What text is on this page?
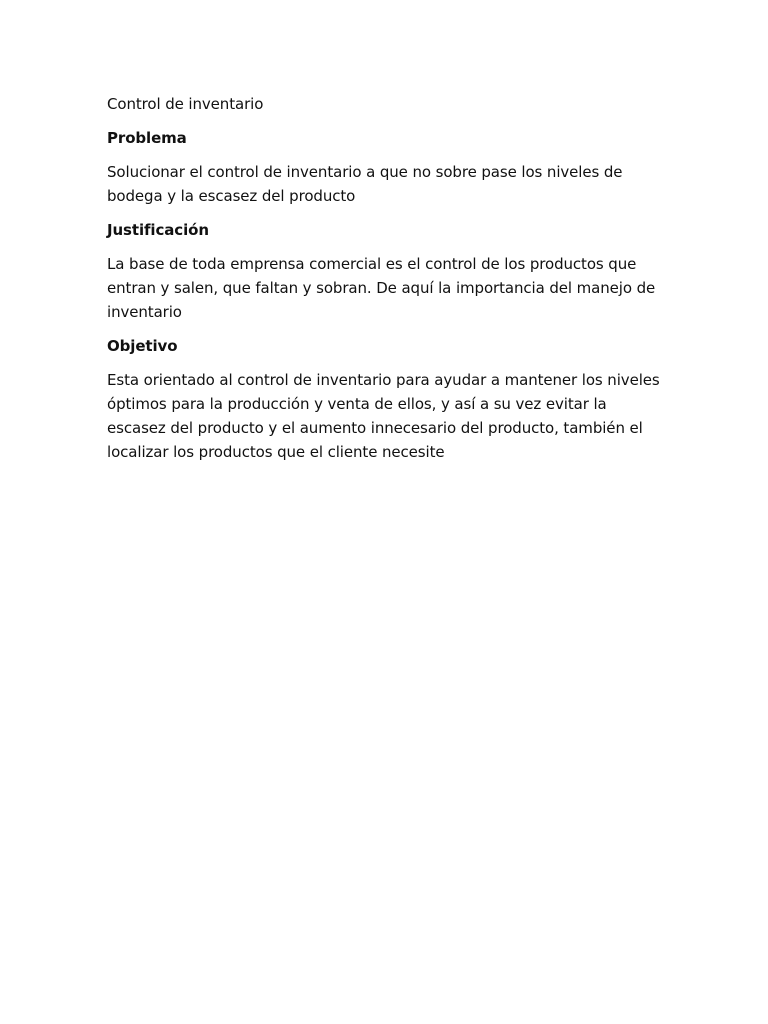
Control de inventario

Problema

Solucionar el control de inventario a que no sobre pase los niveles de bodega y la escasez del producto

Justificación

La base de toda emprensa comercial es el control de los productos que entran y salen, que faltan y sobran. De aquí la importancia del manejo de inventario

Objetivo

Esta orientado al control de inventario para ayudar a mantener los niveles óptimos para la producción y venta de ellos, y así a su vez evitar la escasez del producto y el aumento innecesario del producto, también el localizar los productos que el cliente necesite
